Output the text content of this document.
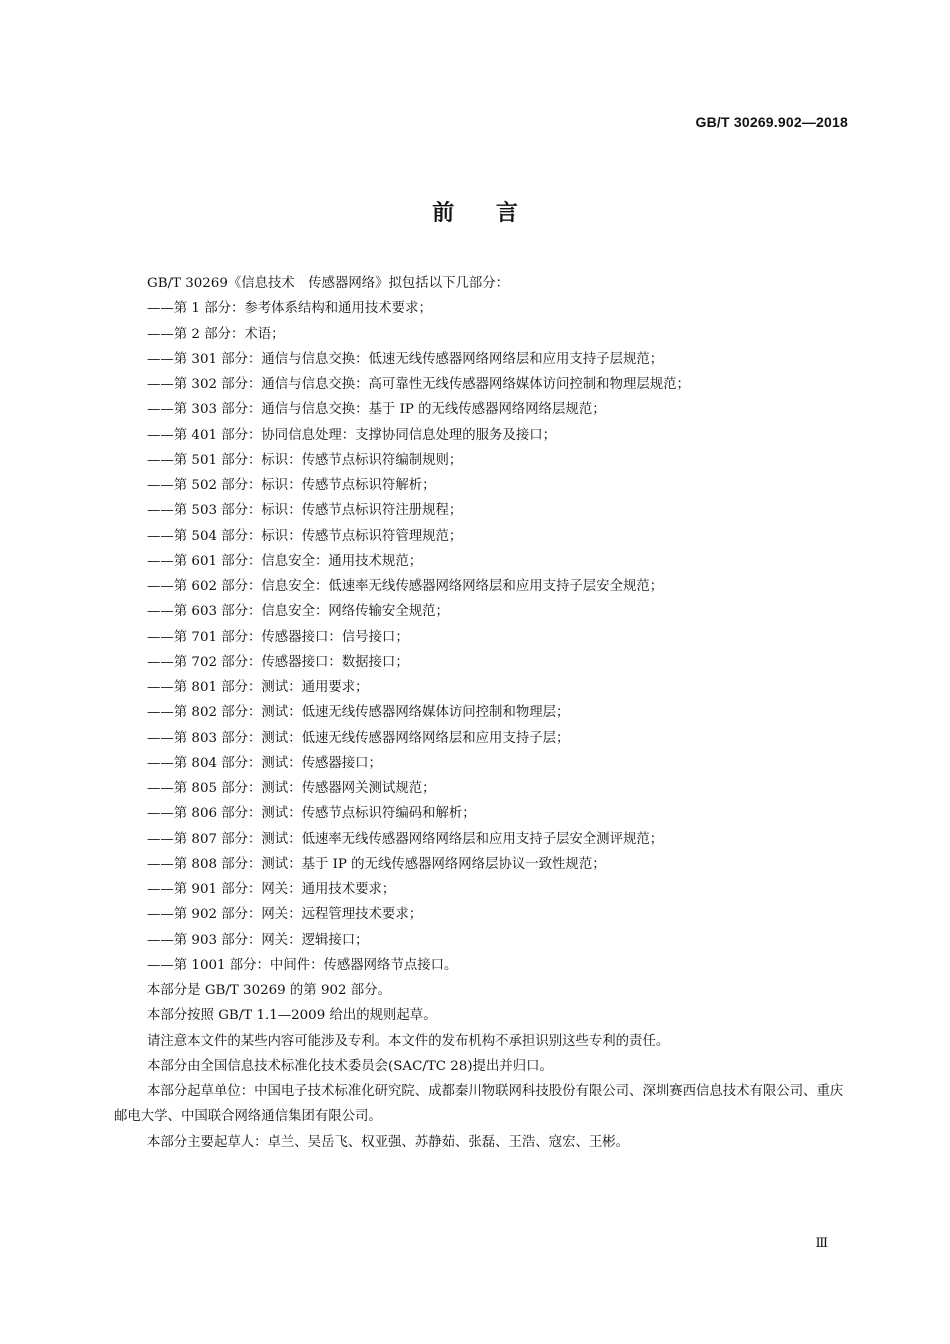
GB/T 30269.902—2018
前 言
GB/T 30269《信息技术　传感器网络》拟包括以下几部分：
——第 1 部分：参考体系结构和通用技术要求；
——第 2 部分：术语；
——第 301 部分：通信与信息交换：低速无线传感器网络网络层和应用支持子层规范；
——第 302 部分：通信与信息交换：高可靠性无线传感器网络媒体访问控制和物理层规范；
——第 303 部分：通信与信息交换：基于 IP 的无线传感器网络网络层规范；
——第 401 部分：协同信息处理：支撑协同信息处理的服务及接口；
——第 501 部分：标识：传感节点标识符编制规则；
——第 502 部分：标识：传感节点标识符解析；
——第 503 部分：标识：传感节点标识符注册规程；
——第 504 部分：标识：传感节点标识符管理规范；
——第 601 部分：信息安全：通用技术规范；
——第 602 部分：信息安全：低速率无线传感器网络网络层和应用支持子层安全规范；
——第 603 部分：信息安全：网络传输安全规范；
——第 701 部分：传感器接口：信号接口；
——第 702 部分：传感器接口：数据接口；
——第 801 部分：测试：通用要求；
——第 802 部分：测试：低速无线传感器网络媒体访问控制和物理层；
——第 803 部分：测试：低速无线传感器网络网络层和应用支持子层；
——第 804 部分：测试：传感器接口；
——第 805 部分：测试：传感器网关测试规范；
——第 806 部分：测试：传感节点标识符编码和解析；
——第 807 部分：测试：低速率无线传感器网络网络层和应用支持子层安全测评规范；
——第 808 部分：测试：基于 IP 的无线传感器网络网络层协议一致性规范；
——第 901 部分：网关：通用技术要求；
——第 902 部分：网关：远程管理技术要求；
——第 903 部分：网关：逻辑接口；
——第 1001 部分：中间件：传感器网络节点接口。
本部分是 GB/T 30269 的第 902 部分。
本部分按照 GB/T 1.1—2009 给出的规则起草。
请注意本文件的某些内容可能涉及专利。本文件的发布机构不承担识别这些专利的责任。
本部分由全国信息技术标准化技术委员会(SAC/TC 28)提出并归口。
本部分起草单位：中国电子技术标准化研究院、成都秦川物联网科技股份有限公司、深圳赛西信息技术有限公司、重庆邮电大学、中国联合网络通信集团有限公司。
本部分主要起草人：卓兰、吴岳飞、权亚强、苏静茹、张磊、王浩、寇宏、王彬。
Ⅲ
